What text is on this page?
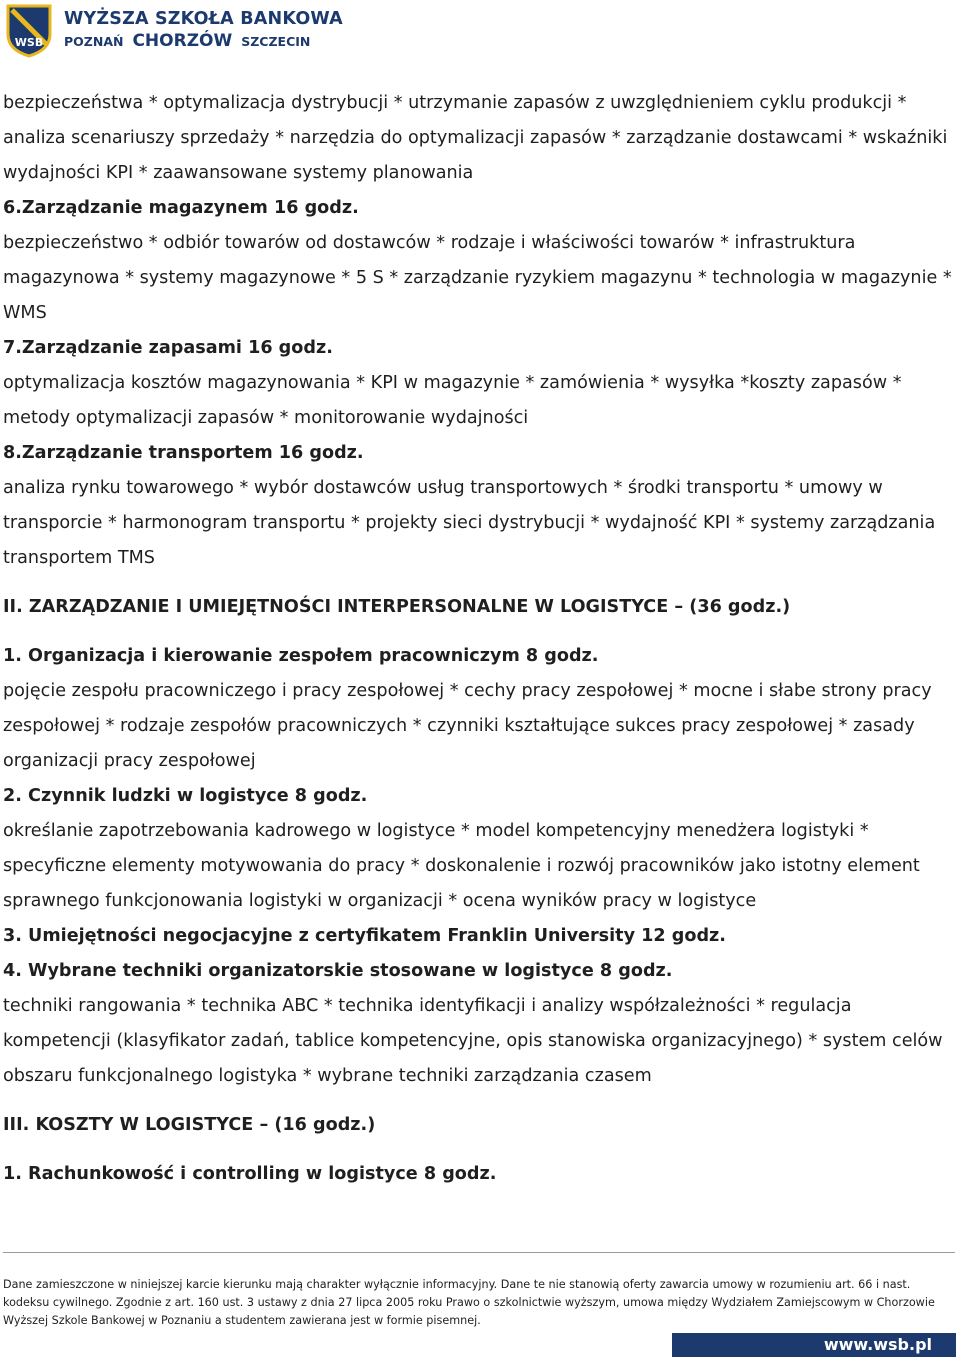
WSB
WYŻSZA SZKOŁA BANKOWA
POZNAŃ CHORZÓW SZCZECIN

bezpieczeństwa * optymalizacja dystrybucji * utrzymanie zapasów z uwzględnieniem cyklu produkcji * analiza scenariuszy sprzedaży * narzędzia do optymalizacji zapasów * zarządzanie dostawcami * wskaźniki wydajności KPI * zaawansowane systemy planowania

6.Zarządzanie magazynem 16 godz.

bezpieczeństwo * odbiór towarów od dostawców * rodzaje i właściwości towarów * infrastruktura magazynowa * systemy magazynowe * 5 S * zarządzanie ryzykiem magazynu * technologia w magazynie * WMS

7.Zarządzanie zapasami 16 godz.

optymalizacja kosztów magazynowania * KPI w magazynie * zamówienia * wysyłka *koszty zapasów * metody optymalizacji zapasów * monitorowanie wydajności

8.Zarządzanie transportem 16 godz.

analiza rynku towarowego * wybór dostawców usług transportowych * środki transportu * umowy w transporcie * harmonogram transportu * projekty sieci dystrybucji * wydajność KPI * systemy zarządzania transportem TMS

II. ZARZĄDZANIE I UMIEJĘTNOŚCI INTERPERSONALNE W LOGISTYCE – (36 godz.)

1. Organizacja i kierowanie zespołem pracowniczym 8 godz.

pojęcie zespołu pracowniczego i pracy zespołowej * cechy pracy zespołowej * mocne i słabe strony pracy zespołowej * rodzaje zespołów pracowniczych * czynniki kształtujące sukces pracy zespołowej * zasady organizacji pracy zespołowej

2. Czynnik ludzki w logistyce 8 godz.

określanie zapotrzebowania kadrowego w logistyce * model kompetencyjny menedżera logistyki * specyficzne elementy motywowania do pracy * doskonalenie i rozwój pracowników jako istotny element sprawnego funkcjonowania logistyki w organizacji * ocena wyników pracy w logistyce

3. Umiejętności negocjacyjne z certyfikatem Franklin University 12 godz.

4. Wybrane techniki organizatorskie stosowane w logistyce 8 godz.

techniki rangowania * technika ABC * technika identyfikacji i analizy współzależności * regulacja kompetencji (klasyfikator zadań, tablice kompetencyjne, opis stanowiska organizacyjnego) * system celów obszaru funkcjonalnego logistyka * wybrane techniki zarządzania czasem

III. KOSZTY W LOGISTYCE – (16 godz.)

1. Rachunkowość i controlling w logistyce 8 godz.

Dane zamieszczone w niniejszej karcie kierunku mają charakter wyłącznie informacyjny. Dane te nie stanowią oferty zawarcia umowy w rozumieniu art. 66 i nast. kodeksu cywilnego. Zgodnie z art. 160 ust. 3 ustawy z dnia 27 lipca 2005 roku Prawo o szkolnictwie wyższym, umowa między Wydziałem Zamiejscowym w Chorzowie Wyższej Szkole Bankowej w Poznaniu a studentem zawierana jest w formie pisemnej.
www.wsb.pl
